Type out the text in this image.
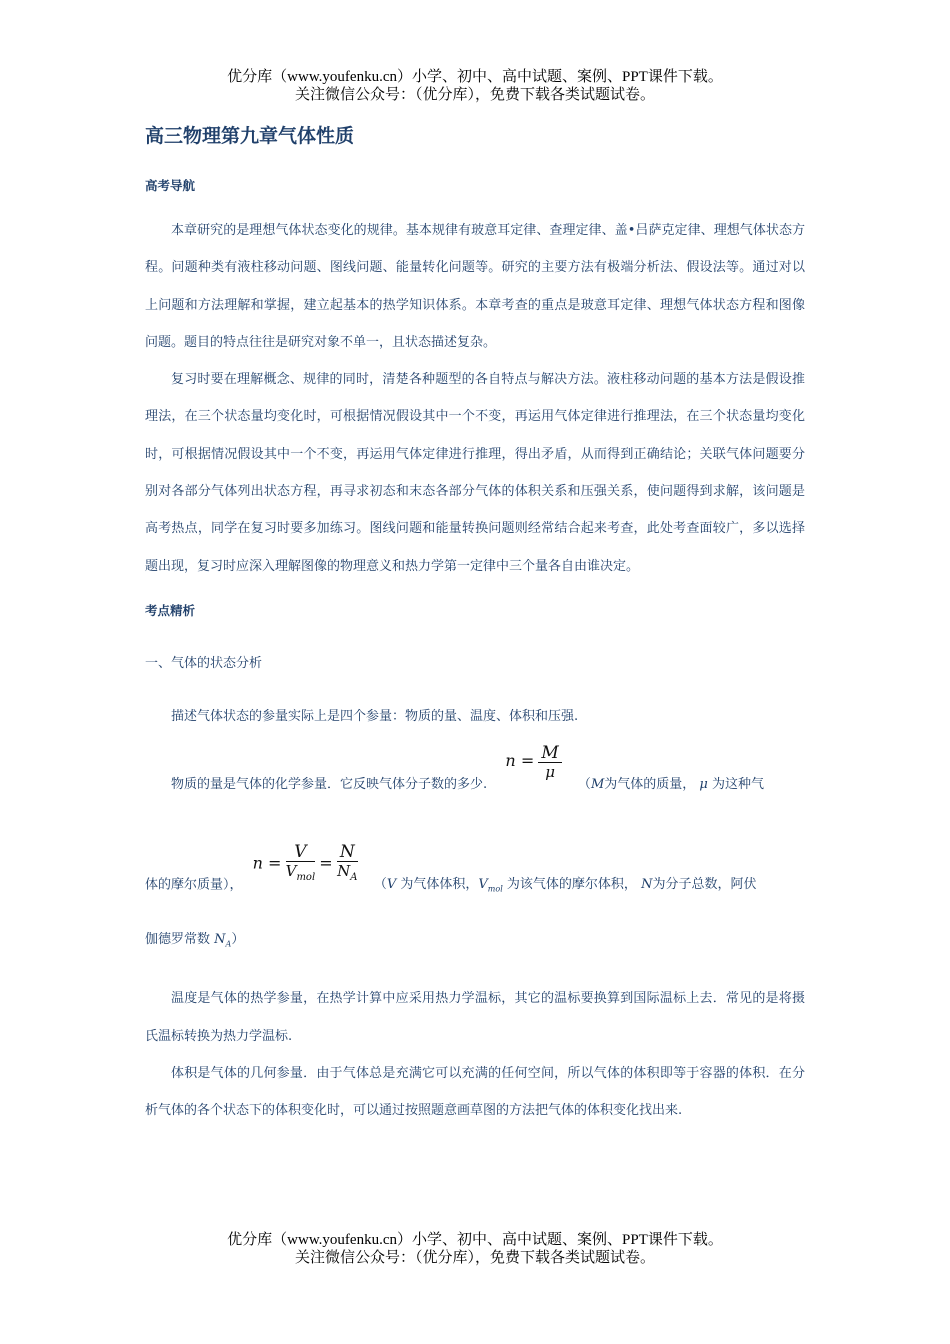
优分库（www.youfenku.cn）小学、初中、高中试题、案例、PPT课件下载。
关注微信公众号：（优分库），免费下载各类试题试卷。
高三物理第九章气体性质
高考导航

本章研究的是理想气体状态变化的规律。基本规律有玻意耳定律、查理定律、盖•吕萨克定律、理想气体状态方程。问题种类有液柱移动问题、图线问题、能量转化问题等。研究的主要方法有极端分析法、假设法等。通过对以上问题和方法理解和掌握，建立起基本的热学知识体系。本章考查的重点是玻意耳定律、理想气体状态方程和图像问题。题目的特点往往是研究对象不单一，且状态描述复杂。

复习时要在理解概念、规律的同时，清楚各种题型的各自特点与解决方法。液柱移动问题的基本方法是假设推理法，在三个状态量均变化时，可根据情况假设其中一个不变，再运用气体定律进行推理法，在三个状态量均变化时，可根据情况假设其中一个不变，再运用气体定律进行推理，得出矛盾，从而得到正确结论；关联气体问题要分别对各部分气体列出状态方程，再寻求初态和末态各部分气体的体积关系和压强关系，使问题得到求解，该问题是高考热点，同学在复习时要多加练习。图线问题和能量转换问题则经常结合起来考查，此处考查面较广，多以选择题出现，复习时应深入理解图像的物理意义和热力学第一定律中三个量各自由谁决定。

考点精析

一、气体的状态分析

描述气体状态的参量实际上是四个参量：物质的量、温度、体积和压强.

物质的量是气体的化学参量．它反映气体分子数的多少.  $n = \frac{M}{\mu}$
（M为气体的质量， μ 为这种气
体的摩尔质量）， $n = \frac{V}{V_{mol}} = \frac{N}{N_A} (V$ 为气体体积，$V_{mol}$ 为该气体的摩尔体积， N为分子总数，阿伏

伽德罗常数 $N_A$）

温度是气体的热学参量，在热学计算中应采用热力学温标，其它的温标要换算到国际温标上去．常见的是将摄氏温标转换为热力学温标.

体积是气体的几何参量．由于气体总是充满它可以充满的任何空间，所以气体的体积即等于容器的体积．在分析气体的各个状态下的体积变化时，可以通过按照题意画草图的方法把气体的体积变化找出来.

优分库（www.youfenku.cn）小学、初中、高中试题、案例、PPT课件下载。
关注微信公众号：（优分库），免费下载各类试题试卷。
